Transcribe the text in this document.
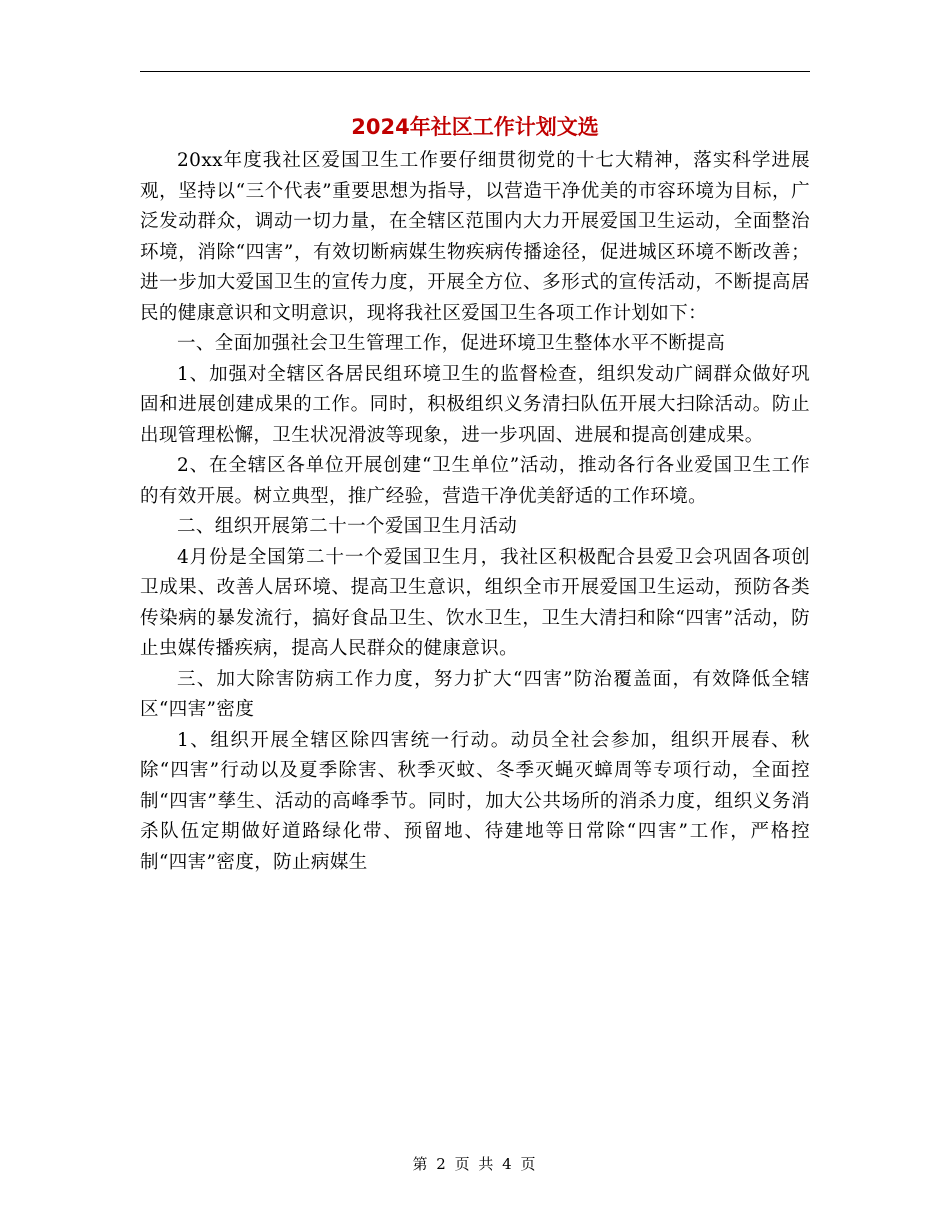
2024年社区工作计划文选

20xx年度我社区爱国卫生工作要仔细贯彻党的十七大精神，落实科学进展观，坚持以“三个代表”重要思想为指导，以营造干净优美的市容环境为目标，广泛发动群众，调动一切力量，在全辖区范围内大力开展爱国卫生运动，全面整治环境，消除“四害”，有效切断病媒生物疾病传播途径，促进城区环境不断改善；进一步加大爱国卫生的宣传力度，开展全方位、多形式的宣传活动，不断提高居民的健康意识和文明意识，现将我社区爱国卫生各项工作计划如下：

一、全面加强社会卫生管理工作，促进环境卫生整体水平不断提高

1、加强对全辖区各居民组环境卫生的监督检查，组织发动广阔群众做好巩固和进展创建成果的工作。同时，积极组织义务清扫队伍开展大扫除活动。防止出现管理松懈，卫生状况滑波等现象，进一步巩固、进展和提高创建成果。

2、在全辖区各单位开展创建“卫生单位”活动，推动各行各业爱国卫生工作的有效开展。树立典型，推广经验，营造干净优美舒适的工作环境。

二、组织开展第二十一个爱国卫生月活动

4月份是全国第二十一个爱国卫生月，我社区积极配合县爱卫会巩固各项创卫成果、改善人居环境、提高卫生意识，组织全市开展爱国卫生运动，预防各类传染病的暴发流行，搞好食品卫生、饮水卫生，卫生大清扫和除“四害”活动，防止虫媒传播疾病，提高人民群众的健康意识。

三、加大除害防病工作力度，努力扩大“四害”防治覆盖面，有效降低全辖区“四害”密度

1、组织开展全辖区除四害统一行动。动员全社会参加，组织开展春、秋除“四害”行动以及夏季除害、秋季灭蚊、冬季灭蝇灭蟑周等专项行动，全面控制“四害”孳生、活动的高峰季节。同时，加大公共场所的消杀力度，组织义务消杀队伍定期做好道路绿化带、预留地、待建地等日常除“四害”工作，严格控制“四害”密度，防止病媒生

第 2 页 共 4 页
